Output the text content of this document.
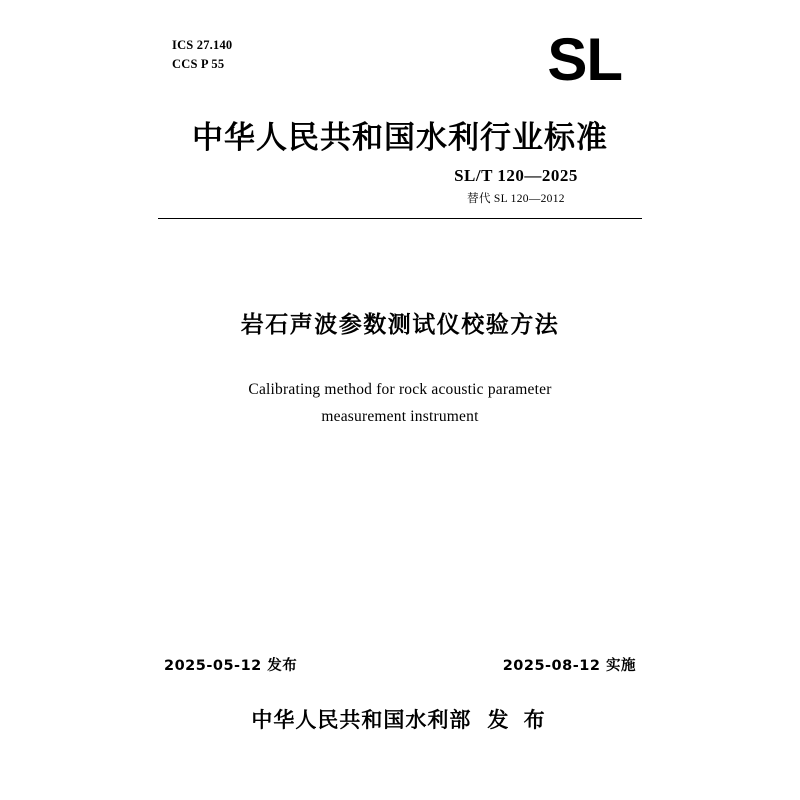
ICS 27.140
CCS P 55	SL
中华人民共和国水利行业标准
SL/T 120—2025
替代 SL 120—2012
岩石声波参数测试仪校验方法
Calibrating method for rock acoustic parameter
measurement instrument
2025-05-12 发布	2025-08-12 实施
中华人民共和国水利部 发 布
